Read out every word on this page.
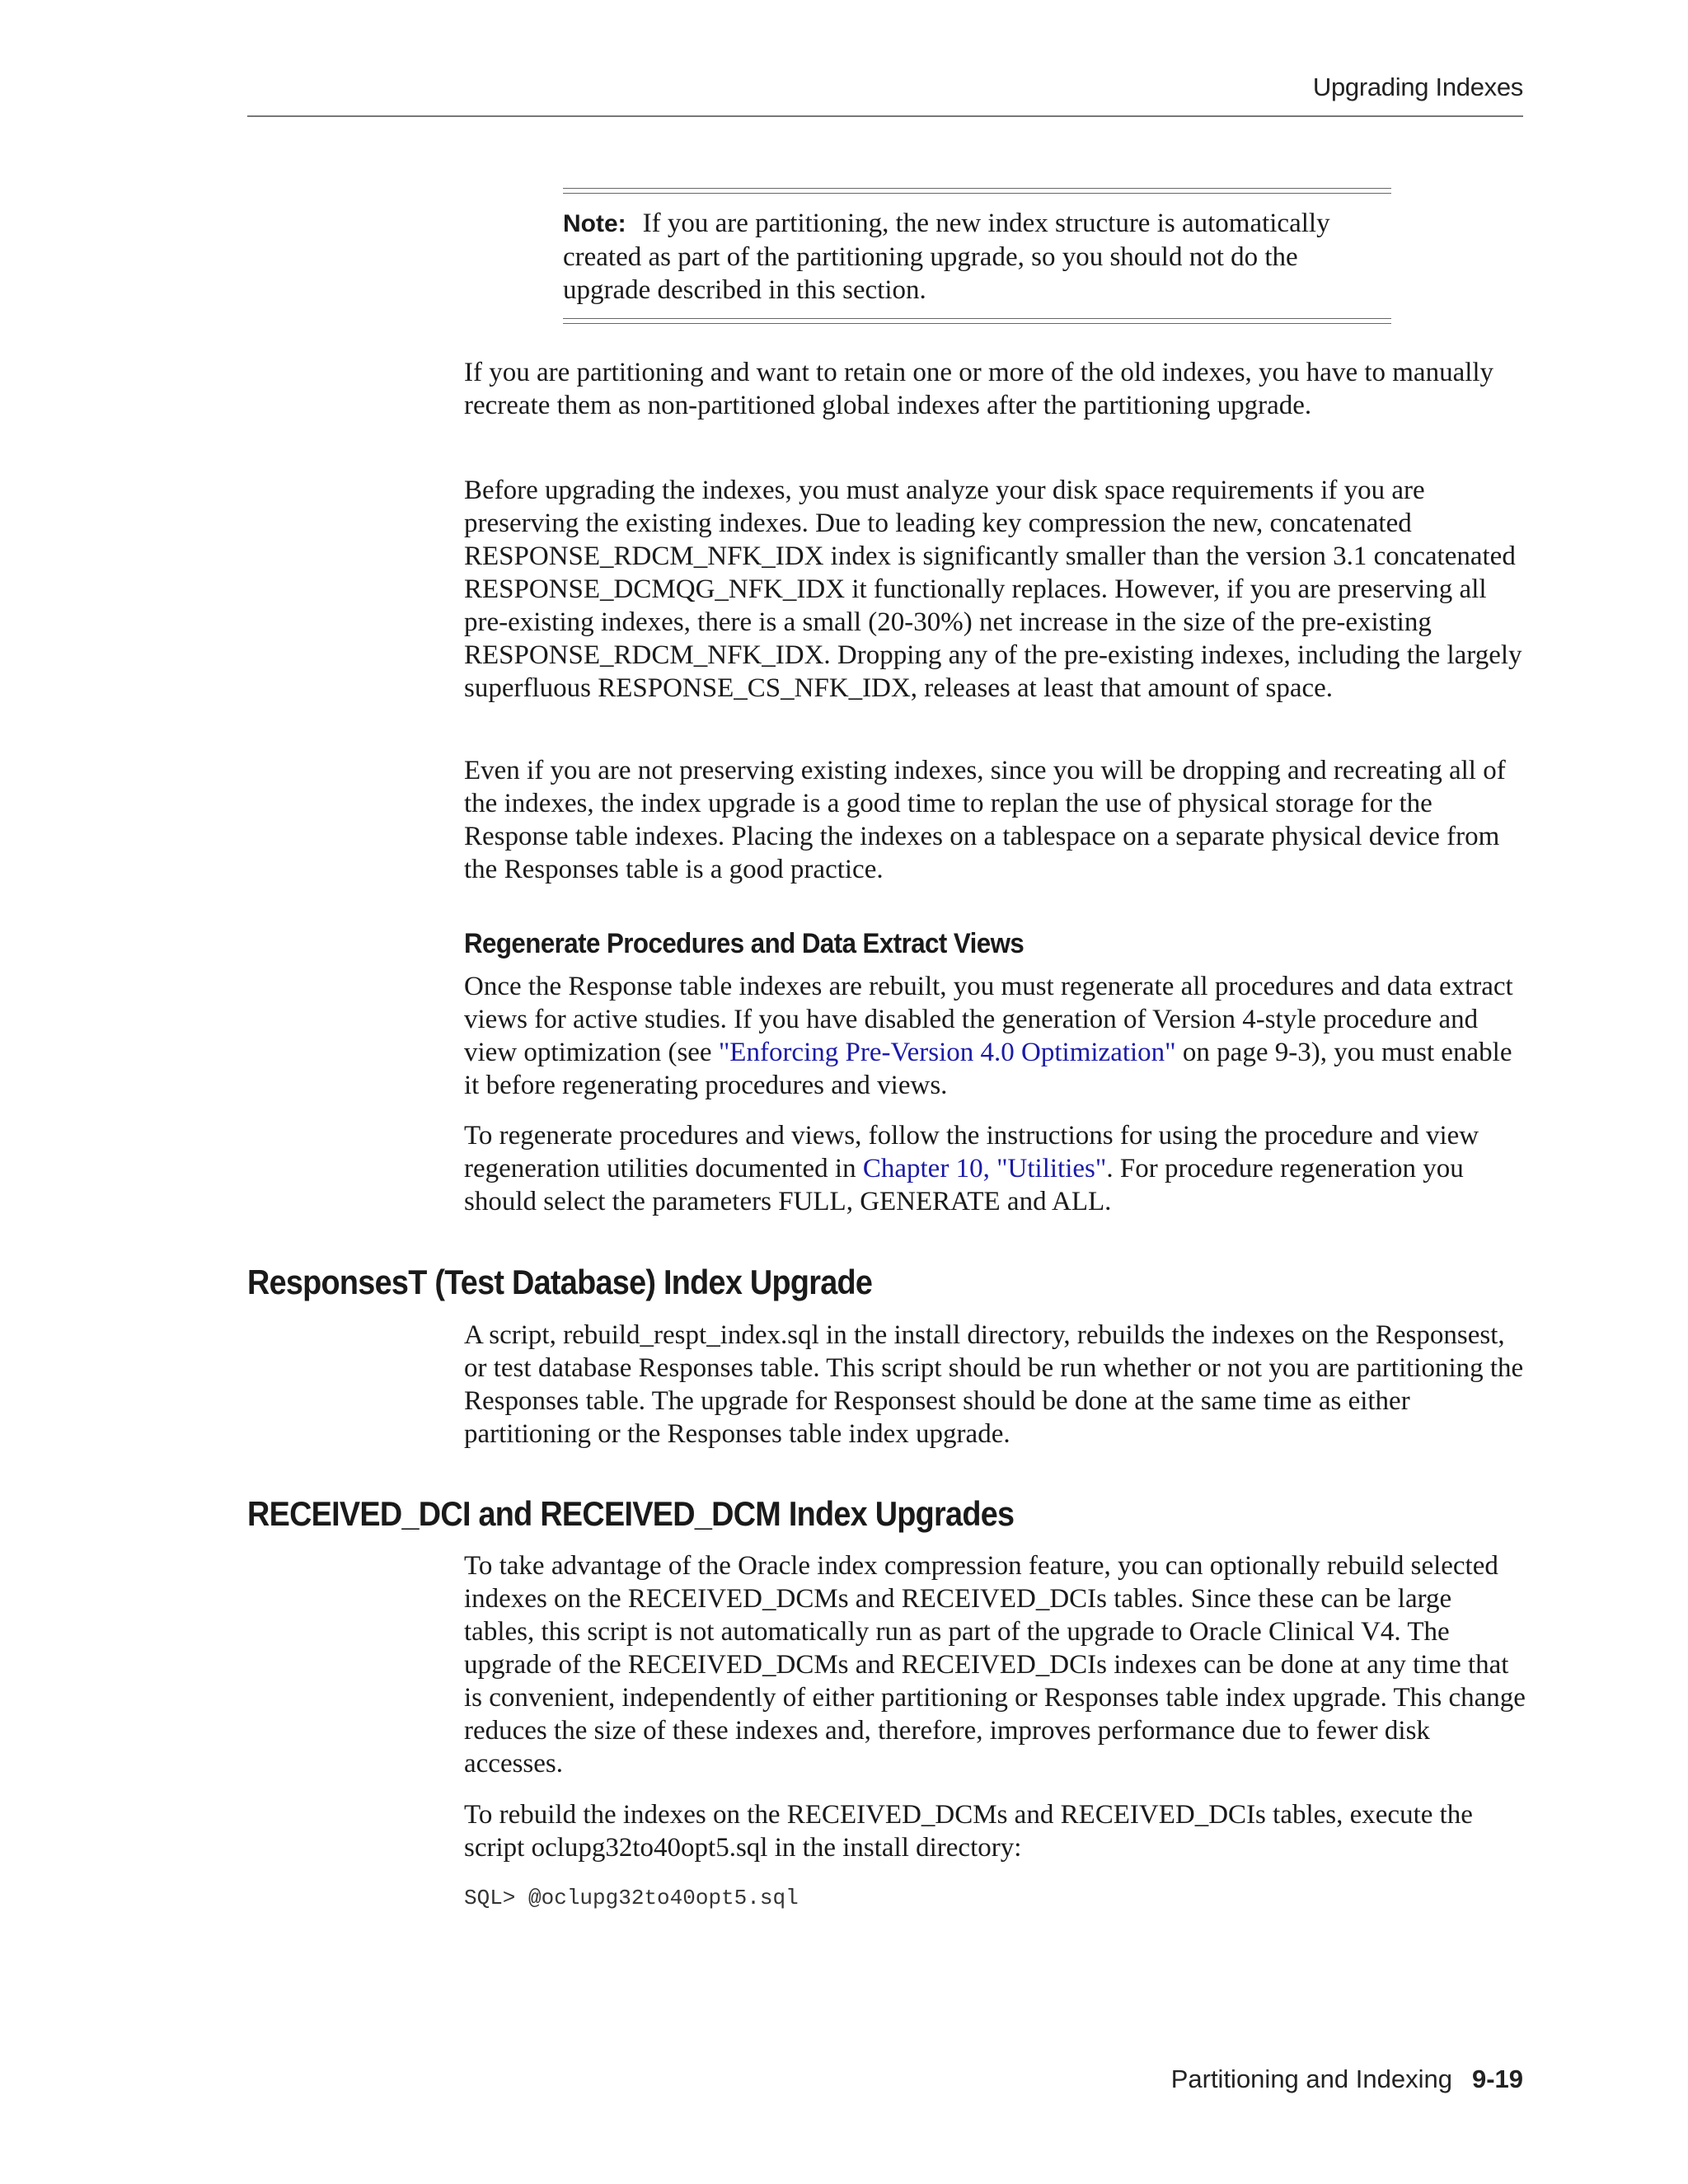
Upgrading Indexes
Note: If you are partitioning, the new index structure is automatically created as part of the partitioning upgrade, so you should not do the upgrade described in this section.

If you are partitioning and want to retain one or more of the old indexes, you have to manually recreate them as non-partitioned global indexes after the partitioning upgrade.

Before upgrading the indexes, you must analyze your disk space requirements if you are preserving the existing indexes. Due to leading key compression the new, concatenated RESPONSE_RDCM_NFK_IDX index is significantly smaller than the version 3.1 concatenated RESPONSE_DCMQG_NFK_IDX it functionally replaces. However, if you are preserving all pre-existing indexes, there is a small (20-30%) net increase in the size of the pre-existing RESPONSE_RDCM_NFK_IDX. Dropping any of the pre-existing indexes, including the largely superfluous RESPONSE_CS_NFK_IDX, releases at least that amount of space.

Even if you are not preserving existing indexes, since you will be dropping and recreating all of the indexes, the index upgrade is a good time to replan the use of physical storage for the Response table indexes. Placing the indexes on a tablespace on a separate physical device from the Responses table is a good practice.

Regenerate Procedures and Data Extract Views

Once the Response table indexes are rebuilt, you must regenerate all procedures and data extract views for active studies. If you have disabled the generation of Version 4-style procedure and view optimization (see "Enforcing Pre-Version 4.0 Optimization" on page 9-3), you must enable it before regenerating procedures and views.

To regenerate procedures and views, follow the instructions for using the procedure and view regeneration utilities documented in Chapter 10, "Utilities". For procedure regeneration you should select the parameters FULL, GENERATE and ALL.

ResponsesT (Test Database) Index Upgrade

A script, rebuild_respt_index.sql in the install directory, rebuilds the indexes on the Responsest, or test database Responses table. This script should be run whether or not you are partitioning the Responses table. The upgrade for Responsest should be done at the same time as either partitioning or the Responses table index upgrade.

RECEIVED_DCI and RECEIVED_DCM Index Upgrades

To take advantage of the Oracle index compression feature, you can optionally rebuild selected indexes on the RECEIVED_DCMs and RECEIVED_DCIs tables. Since these can be large tables, this script is not automatically run as part of the upgrade to Oracle Clinical V4. The upgrade of the RECEIVED_DCMs and RECEIVED_DCIs indexes can be done at any time that is convenient, independently of either partitioning or Responses table index upgrade. This change reduces the size of these indexes and, therefore, improves performance due to fewer disk accesses.

To rebuild the indexes on the RECEIVED_DCMs and RECEIVED_DCIs tables, execute the script oclupg32to40opt5.sql in the install directory:

SQL> @oclupg32to40opt5.sql
Partitioning and Indexing 9-19
